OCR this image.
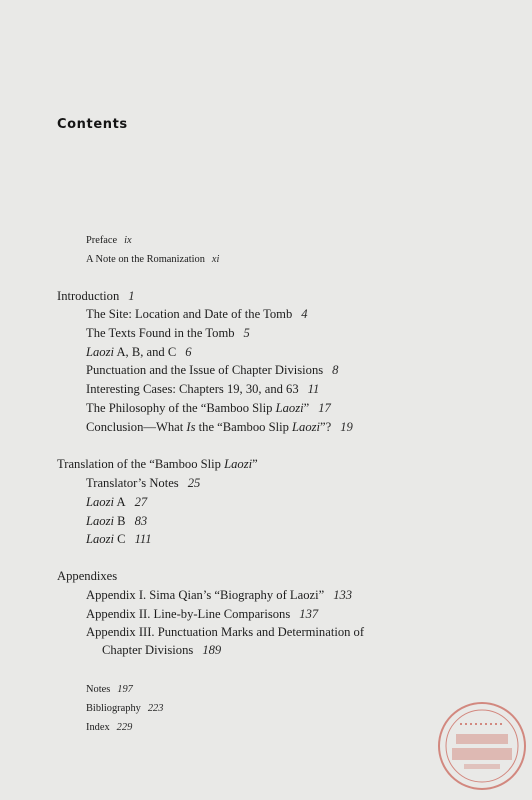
Contents
Preface ix
A Note on the Romanization xi
Introduction 1
The Site: Location and Date of the Tomb 4
The Texts Found in the Tomb 5
Laozi A, B, and C 6
Punctuation and the Issue of Chapter Divisions 8
Interesting Cases: Chapters 19, 30, and 63 11
The Philosophy of the “Bamboo Slip Laozi” 17
Conclusion—What Is the “Bamboo Slip Laozi”? 19
Translation of the “Bamboo Slip Laozi”
Translator’s Notes 25
Laozi A 27
Laozi B 83
Laozi C 111
Appendixes
Appendix I. Sima Qian’s “Biography of Laozi” 133
Appendix II. Line-by-Line Comparisons 137
Appendix III. Punctuation Marks and Determination of
Chapter Divisions 189
Notes 197
Bibliography 223
Index 229
